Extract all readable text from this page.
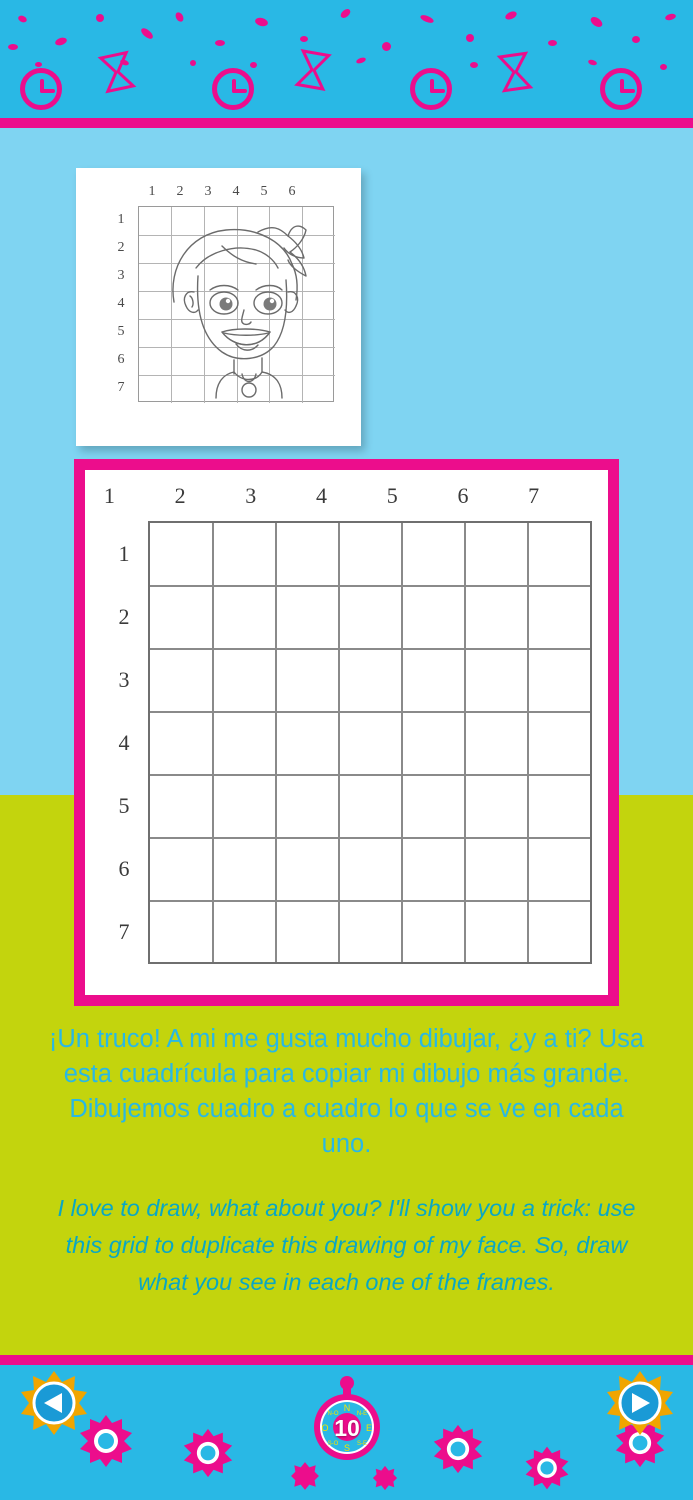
1	2	3	4	5	6
1
2
3
4
5
6
7
1	2	3	4	5	6	7
1
2
3
4
5
6
7

¡Un truco! A mi me gusta mucho dibujar, ¿y a ti? Usa esta cuadrícula para copiar mi dibujo más grande. Dibujemos cuadro a cuadro lo que se ve en cada uno.

I love to draw, what about you? I'll show you a trick: use this grid to duplicate this drawing of my face. So, draw what you see in each one of the frames.

N
S
E
O
N-O	N-E
S-O	S-E
10
